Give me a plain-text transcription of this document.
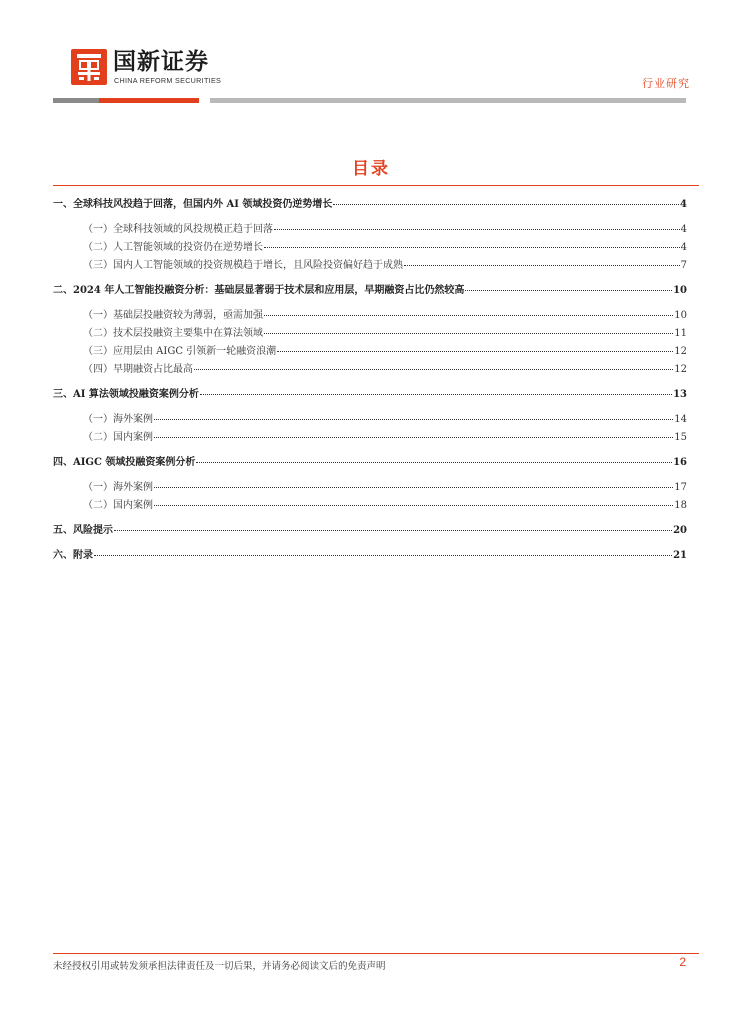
国新证券
CHINA REFORM SECURITIES	行业研究
目录
一、全球科技风投趋于回落，但国内外 AI 领域投资仍逆势增长	4
（一）全球科技领域的风投规模正趋于回落	4
（二）人工智能领域的投资仍在逆势增长	4
（三）国内人工智能领域的投资规模趋于增长，且风险投资偏好趋于成熟	7
二、2024 年人工智能投融资分析：基础层显著弱于技术层和应用层，早期融资占比仍然较高	10
（一）基础层投融资较为薄弱，亟需加强	10
（二）技术层投融资主要集中在算法领域	11
（三）应用层由 AIGC 引领新一轮融资浪潮	12
（四）早期融资占比最高	12
三、AI 算法领域投融资案例分析	13
（一）海外案例	14
（二）国内案例	15
四、AIGC 领域投融资案例分析	16
（一）海外案例	17
（二）国内案例	18
五、风险提示	20
六、附录	21
未经授权引用或转发须承担法律责任及一切后果，并请务必阅读文后的免责声明	2
